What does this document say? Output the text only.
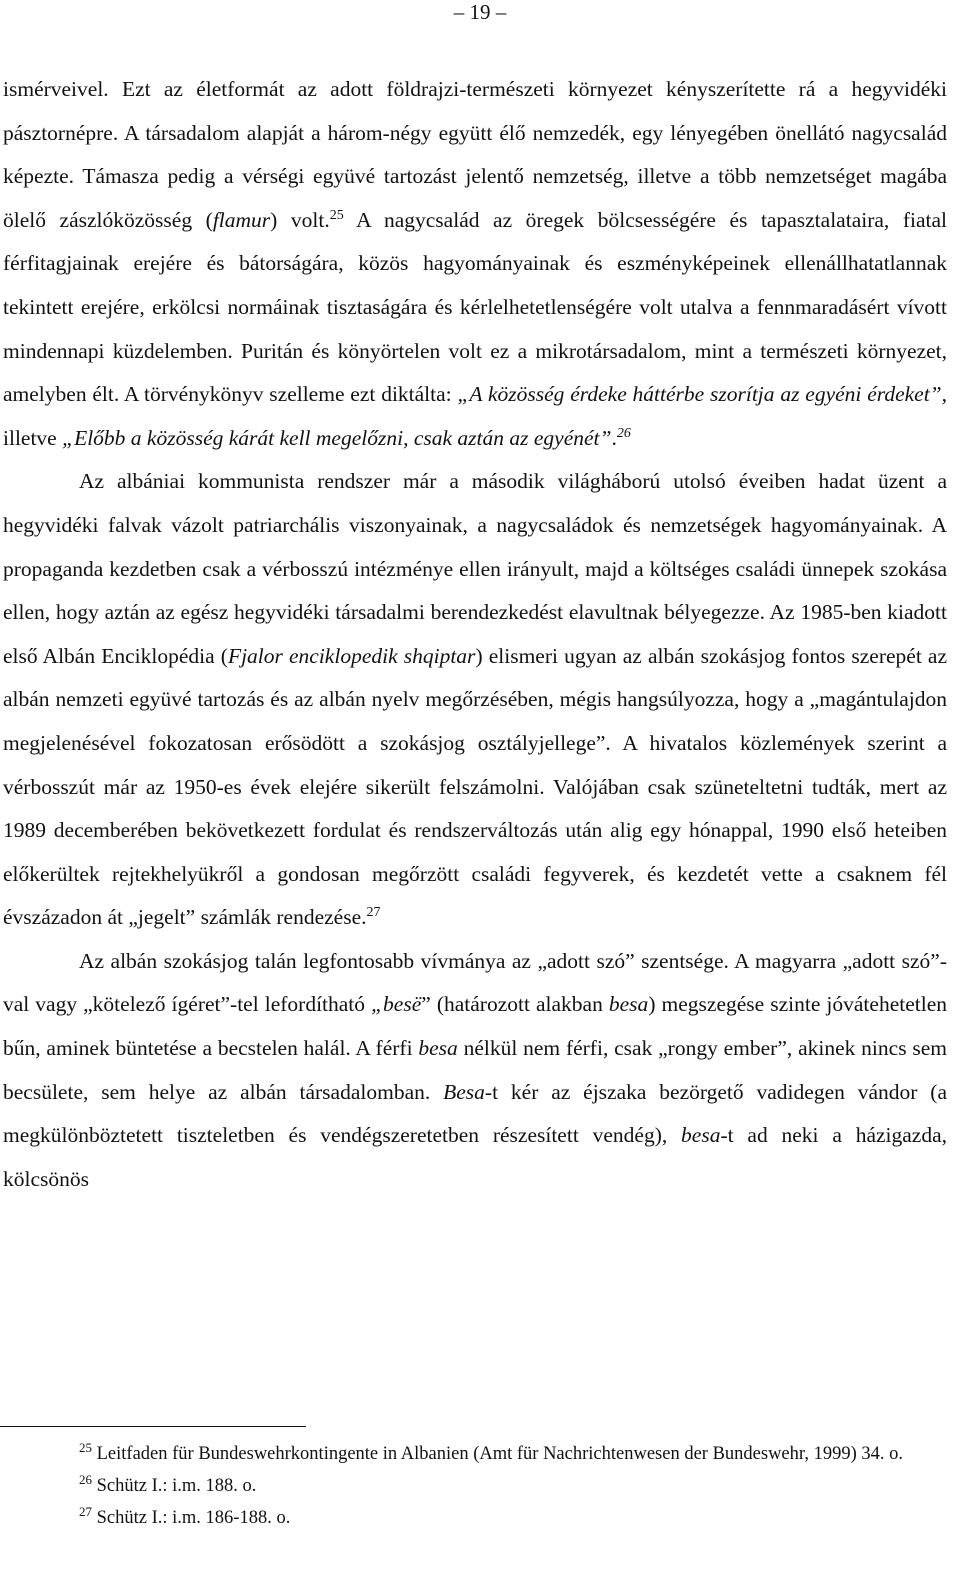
– 19 –

ismérveivel. Ezt az életformát az adott földrajzi-természeti környezet kényszerítette rá a hegyvidéki pásztornépre. A társadalom alapját a három-négy együtt élő nemzedék, egy lényegében önellátó nagycsalád képezte. Támasza pedig a vérségi együvé tartozást jelentő nemzetség, illetve a több nemzetséget magába ölelő zászlóközösség (flamur) volt.$^{25}$ A nagycsalád az öregek bölcsességére és tapasztalataira, fiatal férfitagjainak erejére és bátorságára, közös hagyományainak és eszményképeinek ellenállhatatlannak tekintett erejére, erkölcsi normáinak tisztaságára és kérlelhetetlenségére volt utalva a fennmaradásért vívott mindennapi küzdelemben. Puritán és könyörtelen volt ez a mikrotársadalom, mint a természeti környezet, amelyben élt. A törvénykönyv szelleme ezt diktálta: „A közösség érdeke háttérbe szorítja az egyéni érdeket”, illetve „Előbb a közösség kárát kell megelőzni, csak aztán az egyénét”.$^{26}$

Az albániai kommunista rendszer már a második világháború utolsó éveiben hadat üzent a hegyvidéki falvak vázolt patriarchális viszonyainak, a nagycsaládok és nemzetségek hagyományainak. A propaganda kezdetben csak a vérbosszú intézménye ellen irányult, majd a költséges családi ünnepek szokása ellen, hogy aztán az egész hegyvidéki társadalmi berendezkedést elavultnak bélyegezze. Az 1985-ben kiadott első Albán Enciklopédia (Fjalor enciklopedik shqiptar) elismeri ugyan az albán szokásjog fontos szerepét az albán nemzeti együvé tartozás és az albán nyelv megőrzésében, mégis hangsúlyozza, hogy a „magántulajdon megjelenésével fokozatosan erősödött a szokásjog osztályjellege”. A hivatalos közlemények szerint a vérbosszút már az 1950-es évek elejére sikerült felszámolni. Valójában csak szüneteltetni tudták, mert az 1989 decemberében bekövetkezett fordulat és rendszerváltozás után alig egy hónappal, 1990 első heteiben előkerültek rejtekhelyükről a gondosan megőrzött családi fegyverek, és kezdetét vette a csaknem fél évszázadon át „jegelt” számlák rendezése.$^{27}$

Az albán szokásjog talán legfontosabb vívmánya az „adott szó” szentsége. A magyarra „adott szó”-val vagy „kötelező ígéret”-tel lefordítható „besë” (határozott alakban besa) megszegése szinte jóvátehetetlen bűn, aminek büntetése a becstelen halál. A férfi besa nélkül nem férfi, csak „rongy ember”, akinek nincs sem becsülete, sem helye az albán társadalomban. Besa-t kér az éjszaka bezörgető vadidegen vándor (a megkülönböztetett tiszteletben és vendégszeretetben részesített vendég), besa-t ad neki a házigazda, kölcsönös

$^{25}$ Leitfaden für Bundeswehrkontingente in Albanien (Amt für Nachrichtenwesen der Bundeswehr, 1999) 34. o.

$^{26}$ Schütz I.: i.m. 188. o.

$^{27}$ Schütz I.: i.m. 186-188. o.
